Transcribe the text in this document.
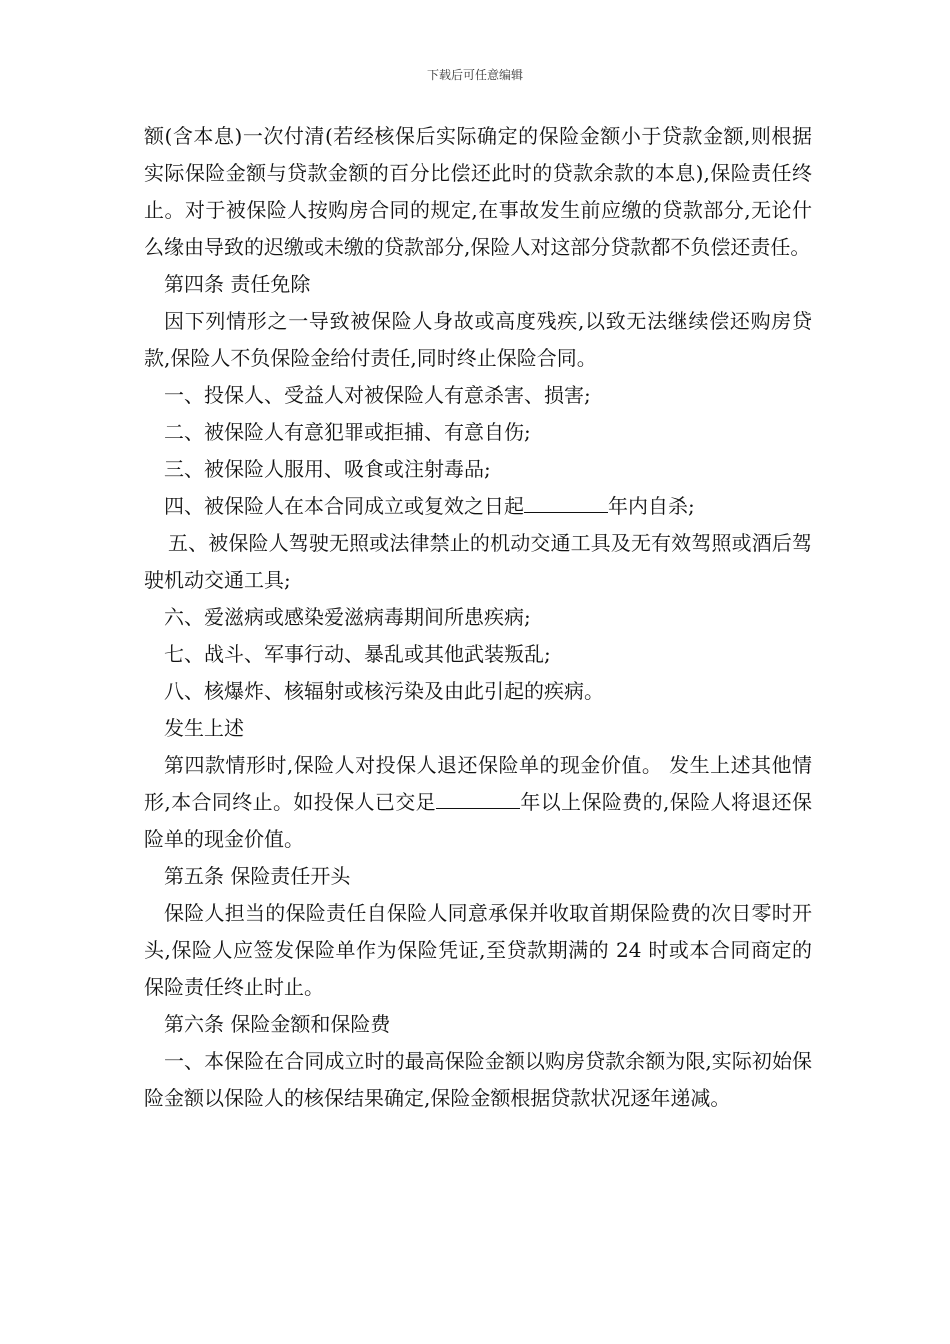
下载后可任意编辑

额(含本息)一次付清(若经核保后实际确定的保险金额小于贷款金额,则根据实际保险金额与贷款金额的百分比偿还此时的贷款余款的本息),保险责任终止。对于被保险人按购房合同的规定,在事故发生前应缴的贷款部分,无论什么缘由导致的迟缴或未缴的贷款部分,保险人对这部分贷款都不负偿还责任。

第四条 责任免除

因下列情形之一导致被保险人身故或高度残疾,以致无法继续偿还购房贷款,保险人不负保险金给付责任,同时终止保险合同。

一、投保人、受益人对被保险人有意杀害、损害;

二、被保险人有意犯罪或拒捕、有意自伤;

三、被保险人服用、吸食或注射毒品;

四、被保险人在本合同成立或复效之日起	年内自杀;

五、被保险人驾驶无照或法律禁止的机动交通工具及无有效驾照或酒后驾驶机动交通工具;

六、爱滋病或感染爱滋病毒期间所患疾病;

七、战斗、军事行动、暴乱或其他武装叛乱;

八、核爆炸、核辐射或核污染及由此引起的疾病。

发生上述

第四款情形时,保险人对投保人退还保险单的现金价值。 发生上述其他情形,本合同终止。如投保人已交足	年以上保险费的,保险人将退还保险单的现金价值。

第五条 保险责任开头

保险人担当的保险责任自保险人同意承保并收取首期保险费的次日零时开头,保险人应签发保险单作为保险凭证,至贷款期满的 24 时或本合同商定的保险责任终止时止。

第六条 保险金额和保险费

一、本保险在合同成立时的最高保险金额以购房贷款余额为限,实际初始保险金额以保险人的核保结果确定,保险金额根据贷款状况逐年递减。
